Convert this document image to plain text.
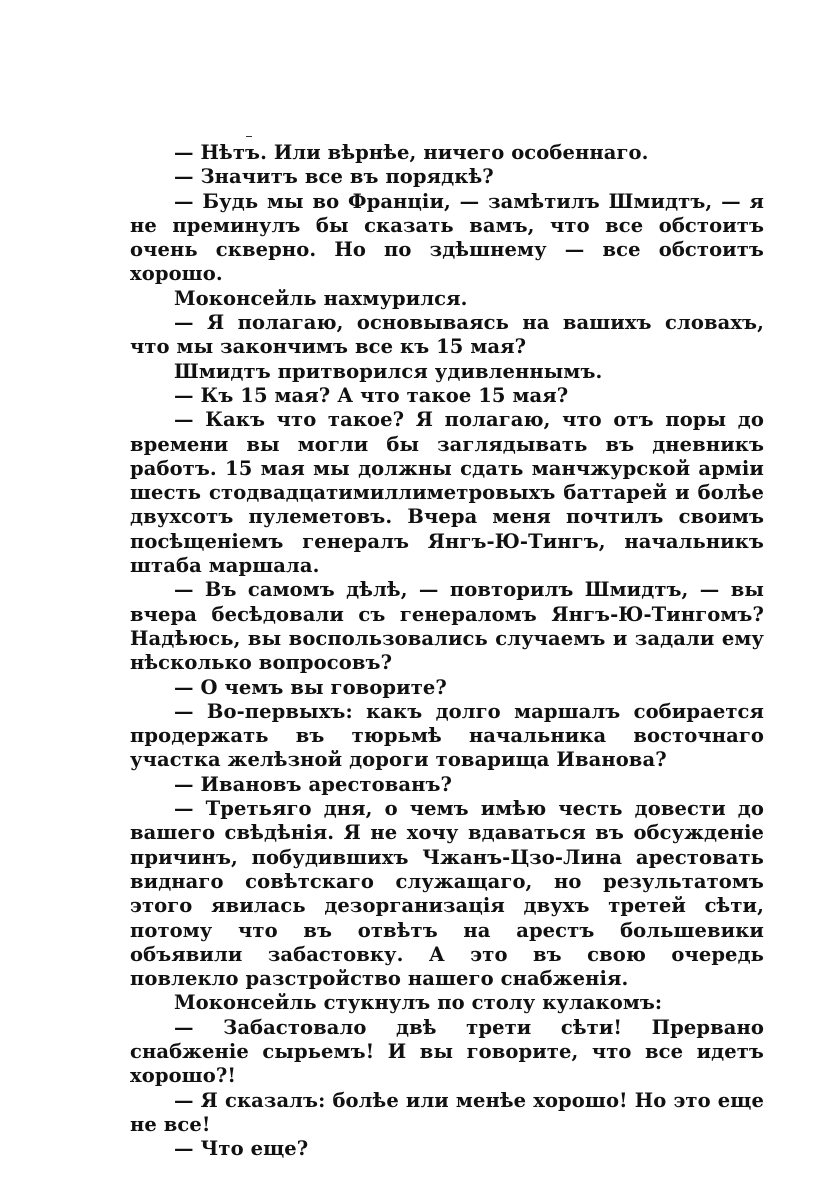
— Нѣтъ. Или вѣрнѣе, ничего особеннаго.

— Значитъ все въ порядкѣ?

— Будь мы во Франціи, — замѣтилъ Шмидтъ, — я не преминулъ бы сказать вамъ, что все обстоитъ очень скверно. Но по здѣшнему — все обстоитъ хорошо.

Моконсейль нахмурился.

— Я полагаю, основываясь на вашихъ словахъ, что мы закончимъ все къ 15 мая?

Шмидтъ притворился удивленнымъ.

— Къ 15 мая? А что такое 15 мая?

— Какъ что такое? Я полагаю, что отъ поры до времени вы могли бы заглядывать въ дневникъ работъ. 15 мая мы должны сдать манчжурской арміи шесть стодвадцатимиллиметровыхъ баттарей и болѣе двухсотъ пулеметовъ. Вчера меня почтилъ своимъ посѣщеніемъ генералъ Янгъ-Ю-Тингъ, начальникъ штаба маршала.

— Въ самомъ дѣлѣ, — повторилъ Шмидтъ, — вы вчера бесѣдовали съ генераломъ Янгъ-Ю-Тингомъ? Надѣюсь, вы воспользовались случаемъ и задали ему нѣсколько вопросовъ?

— О чемъ вы говорите?

— Во-первыхъ: какъ долго маршалъ собирается продержать въ тюрьмѣ начальника восточнаго участка желѣзной дороги товарища Иванова?

— Ивановъ арестованъ?

— Третьяго дня, о чемъ имѣю честь довести до вашего свѣдѣнія. Я не хочу вдаваться въ обсужденіе причинъ, побудившихъ Чжанъ-Цзо-Лина арестовать виднаго совѣтскаго служащаго, но результатомъ этого явилась дезорганизація двухъ третей сѣти, потому что въ отвѣтъ на арестъ большевики объявили забастовку. А это въ свою очередь повлекло разстройство нашего снабженія.

Моконсейль стукнулъ по столу кулакомъ:

— Забастовало двѣ трети сѣти! Прервано снабженіе сырьемъ! И вы говорите, что все идетъ хорошо?!

— Я сказалъ: болѣе или менѣе хорошо! Но это еще не все!

— Что еще?
